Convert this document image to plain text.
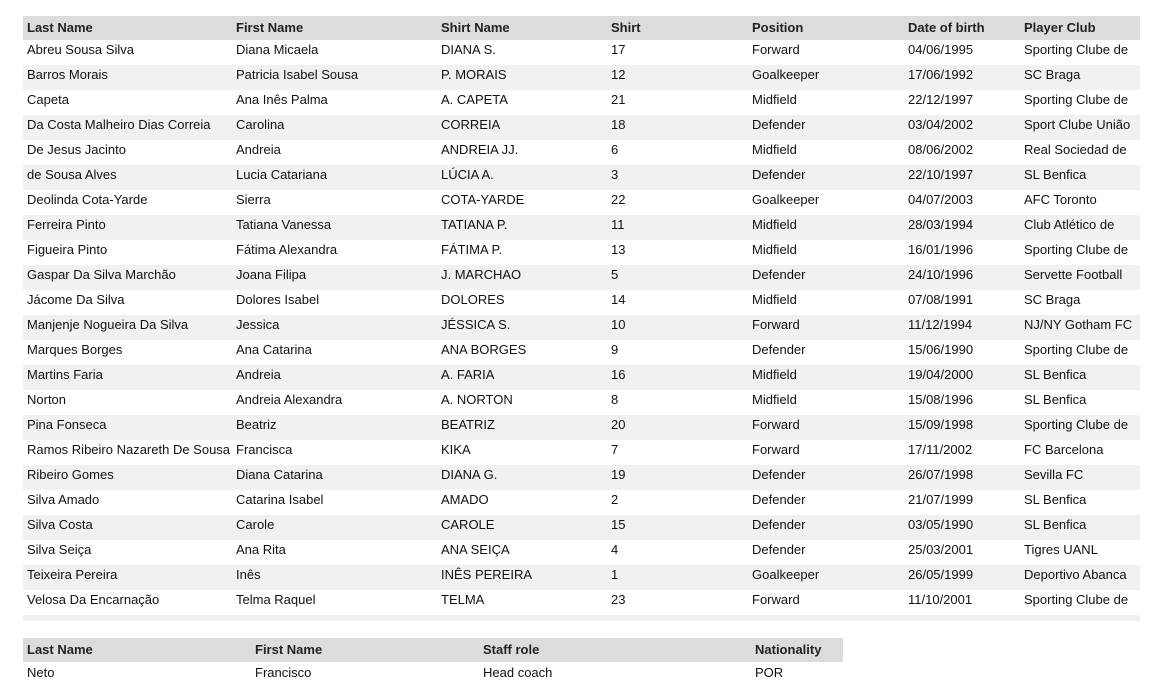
Last Name	First Name	Shirt Name	Shirt	Position	Date of birth	Player Club
Abreu Sousa Silva	Diana Micaela	DIANA S.	17	Forward	04/06/1995	Sporting Clube de

Barros Morais	Patricia Isabel Sousa	P. MORAIS	12	Goalkeeper	17/06/1992	SC Braga

Capeta	Ana Inês Palma	A. CAPETA	21	Midfield	22/12/1997	Sporting Clube de

Da Costa Malheiro Dias Correia	Carolina	CORREIA	18	Defender	03/04/2002	Sport Clube União

De Jesus Jacinto	Andreia	ANDREIA JJ.	6	Midfield	08/06/2002	Real Sociedad de

de Sousa Alves	Lucia Catariana	LÚCIA A.	3	Defender	22/10/1997	SL Benfica

Deolinda Cota-Yarde	Sierra	COTA-YARDE	22	Goalkeeper	04/07/2003	AFC Toronto

Ferreira Pinto	Tatiana Vanessa	TATIANA P.	11	Midfield	28/03/1994	Club Atlético de

Figueira Pinto	Fátima Alexandra	FÁTIMA P.	13	Midfield	16/01/1996	Sporting Clube de

Gaspar Da Silva Marchão	Joana Filipa	J. MARCHAO	5	Defender	24/10/1996	Servette Football

Jácome Da Silva	Dolores Isabel	DOLORES	14	Midfield	07/08/1991	SC Braga

Manjenje Nogueira Da Silva	Jessica	JÉSSICA S.	10	Forward	11/12/1994	NJ/NY Gotham FC

Marques Borges	Ana Catarina	ANA BORGES	9	Defender	15/06/1990	Sporting Clube de

Martins Faria	Andreia	A. FARIA	16	Midfield	19/04/2000	SL Benfica

Norton	Andreia Alexandra	A. NORTON	8	Midfield	15/08/1996	SL Benfica

Pina Fonseca	Beatriz	BEATRIZ	20	Forward	15/09/1998	Sporting Clube de

Ramos Ribeiro Nazareth De Sousa	Francisca	KIKA	7	Forward	17/11/2002	FC Barcelona

Ribeiro Gomes	Diana Catarina	DIANA G.	19	Defender	26/07/1998	Sevilla FC

Silva Amado	Catarina Isabel	AMADO	2	Defender	21/07/1999	SL Benfica

Silva Costa	Carole	CAROLE	15	Defender	03/05/1990	SL Benfica

Silva Seiça	Ana Rita	ANA SEIÇA	4	Defender	25/03/2001	Tigres UANL

Teixeira Pereira	Inês	INÊS PEREIRA	1	Goalkeeper	26/05/1999	Deportivo Abanca

Velosa Da Encarnação	Telma Raquel	TELMA	23	Forward	11/10/2001	Sporting Clube de
Last Name	First Name	Staff role	Nationality
Neto	Francisco	Head coach	POR
